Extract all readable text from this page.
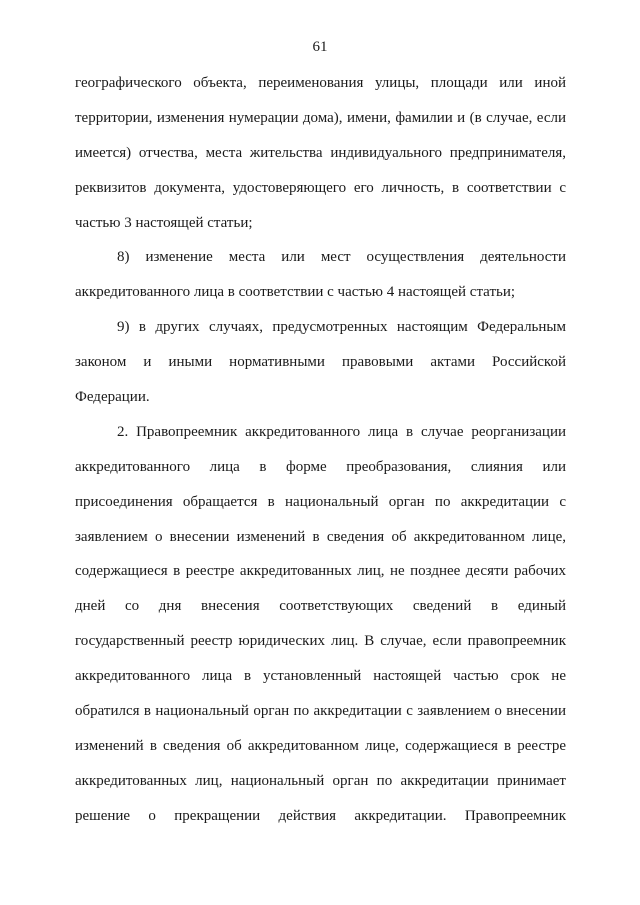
61
географического объекта, переименования улицы, площади или иной
территории, изменения нумерации дома), имени, фамилии и (в случае, если
имеется) отчества, места жительства индивидуального предпринимателя,
реквизитов документа, удостоверяющего его личность, в соответствии с
частью 3 настоящей статьи;
8) изменение места или мест осуществления деятельности
аккредитованного лица в соответствии с частью 4 настоящей статьи;
9) в других случаях, предусмотренных настоящим Федеральным
законом и иными нормативными правовыми актами Российской
Федерации.
2. Правопреемник аккредитованного лица в случае реорганизации
аккредитованного лица в форме преобразования, слияния или
присоединения обращается в национальный орган по аккредитации с
заявлением о внесении изменений в сведения об аккредитованном лице,
содержащиеся в реестре аккредитованных лиц, не позднее десяти рабочих
дней со дня внесения соответствующих сведений в единый
государственный реестр юридических лиц. В случае, если правопреемник
аккредитованного лица в установленный настоящей частью срок не
обратился в национальный орган по аккредитации с заявлением о внесении
изменений в сведения об аккредитованном лице, содержащиеся в реестре
аккредитованных лиц, национальный орган по аккредитации принимает
решение о прекращении действия аккредитации. Правопреемник
